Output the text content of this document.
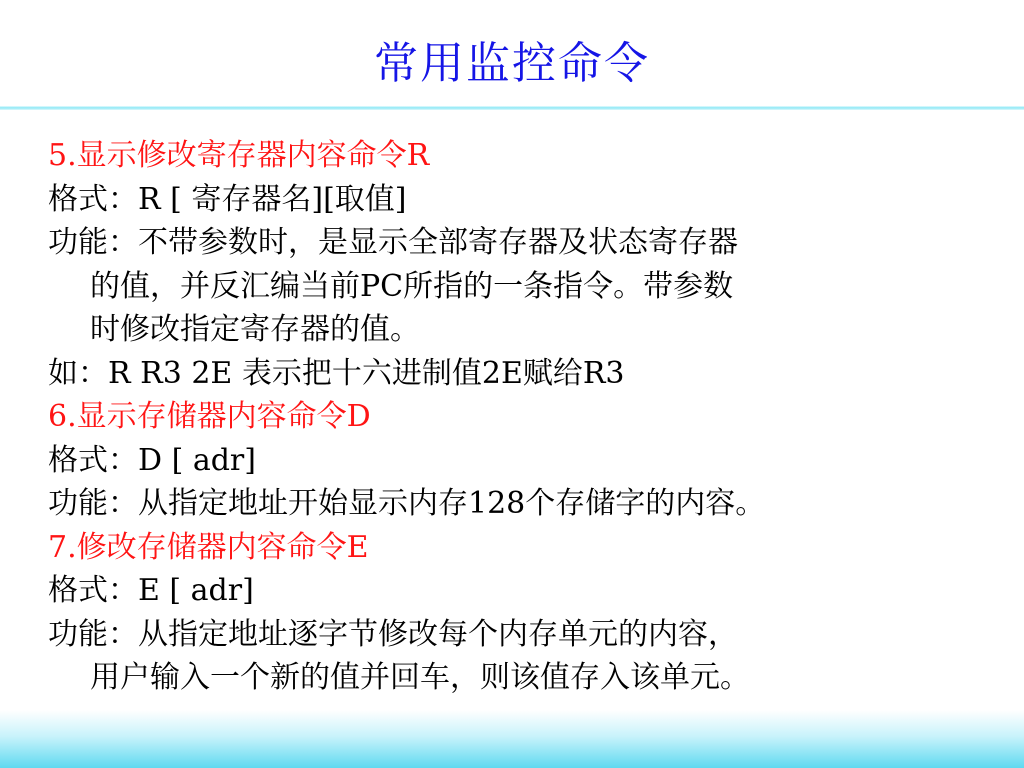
常用监控命令
5.显示修改寄存器内容命令R
格式：R [ 寄存器名][取值]
功能：不带参数时，是显示全部寄存器及状态寄存器
的值，并反汇编当前PC所指的一条指令。带参数
时修改指定寄存器的值。
如：R R3 2E 表示把十六进制值2E赋给R3
6.显示存储器内容命令D
格式：D [ adr]
功能：从指定地址开始显示内存128个存储字的内容。
7.修改存储器内容命令E
格式：E [ adr]
功能：从指定地址逐字节修改每个内存单元的内容，
用户输入一个新的值并回车，则该值存入该单元。
